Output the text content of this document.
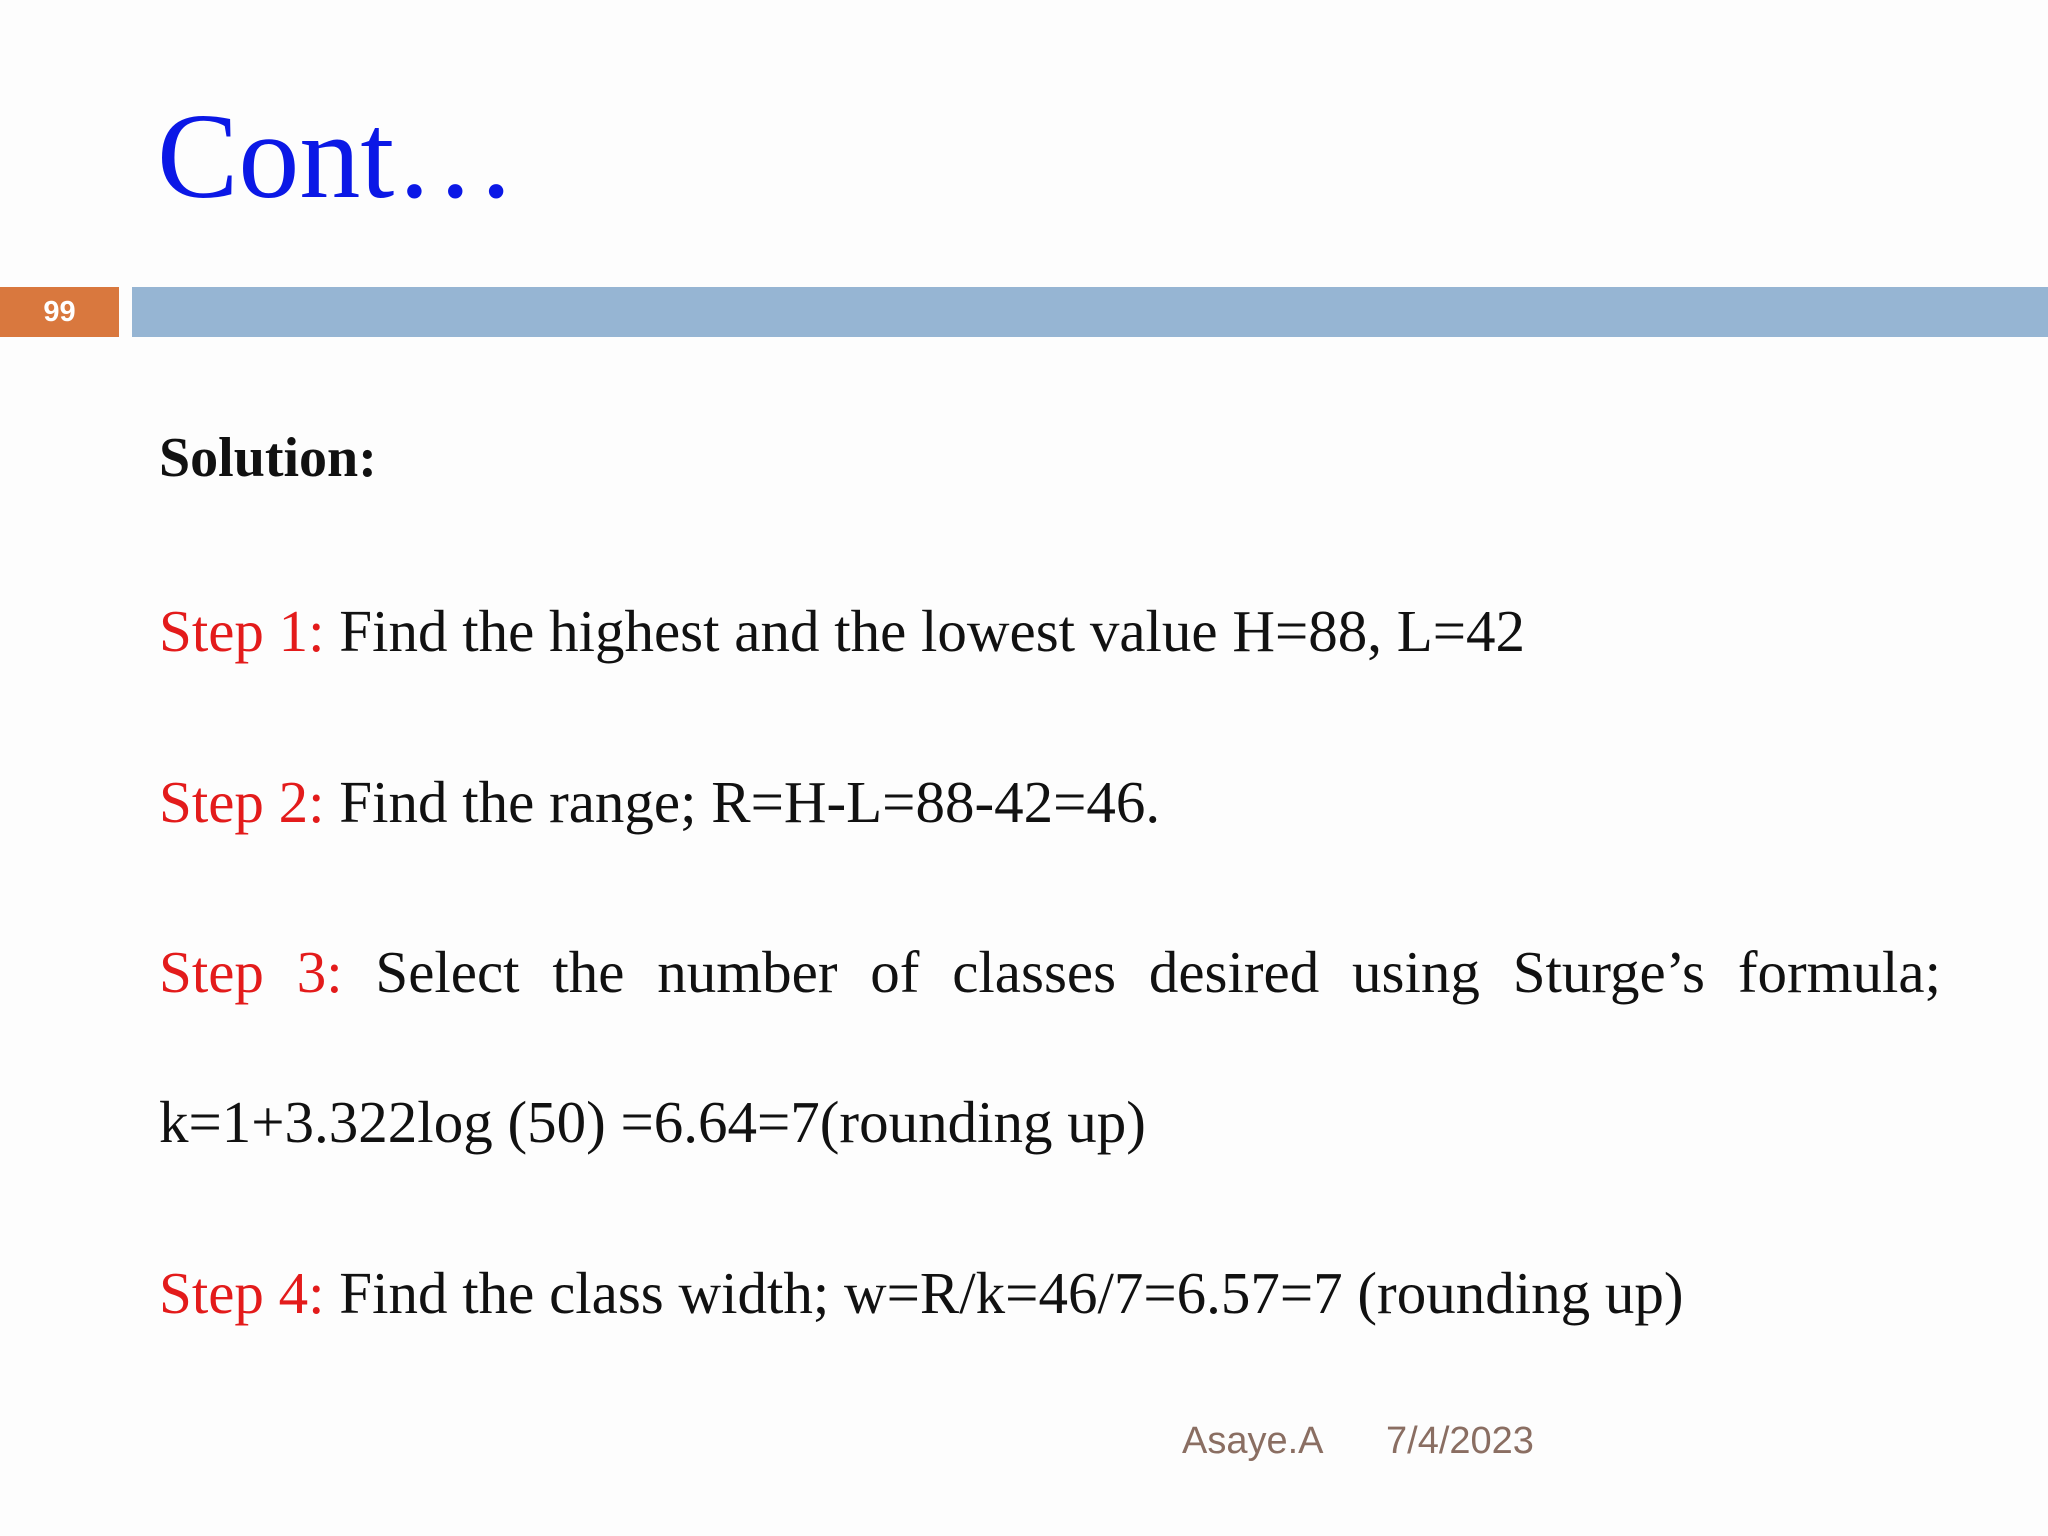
Cont…
99

Solution:

Step 1: Find the highest and the lowest value H=88, L=42

Step 2: Find the range; R=H-L=88-42=46.

Step 3: Select the number of classes desired using Sturge’s formula;

k=1+3.322log (50) =6.64=7(rounding up)

Step 4: Find the class width; w=R/k=46/7=6.57=7 (rounding up)

Asaye.A 7/4/2023
